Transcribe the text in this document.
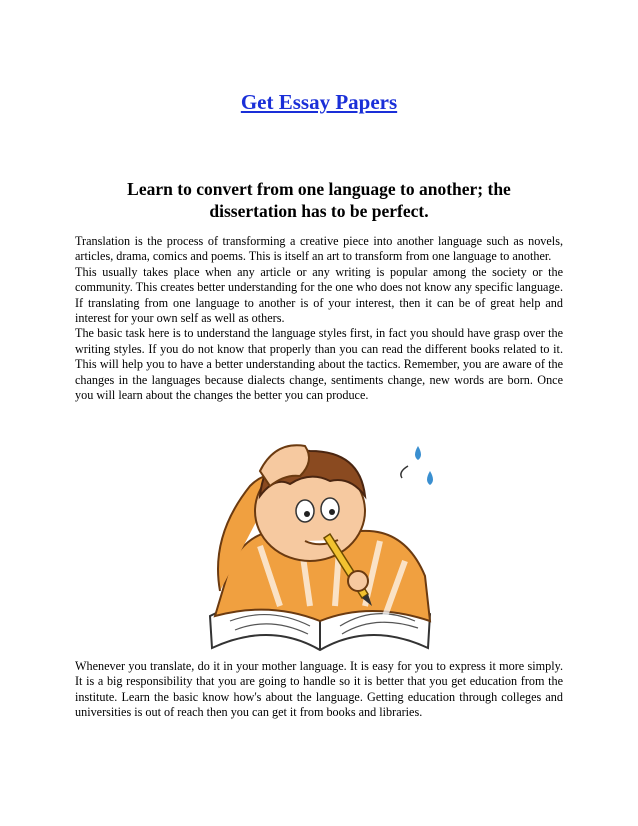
Get Essay Papers
Learn to convert from one language to another; the dissertation has to be perfect.

Translation is the process of transforming a creative piece into another language such as novels, articles, drama, comics and poems. This is itself an art to transform from one language to another.

This usually takes place when any article or any writing is popular among the society or the community. This creates better understanding for the one who does not know any specific language. If translating from one language to another is of your interest, then it can be of great help and interest for your own self as well as others.

The basic task here is to understand the language styles first, in fact you should have grasp over the writing styles. If you do not know that properly than you can read the different books related to it. This will help you to have a better understanding about the tactics. Remember, you are aware of the changes in the languages because dialects change, sentiments change, new words are born. Once you will learn about the changes the better you can produce.

Whenever you translate, do it in your mother language. It is easy for you to express it more simply. It is a big responsibility that you are going to handle so it is better that you get education from the institute. Learn the basic know how's about the language. Getting education through colleges and universities is out of reach then you can get it from books and libraries.
